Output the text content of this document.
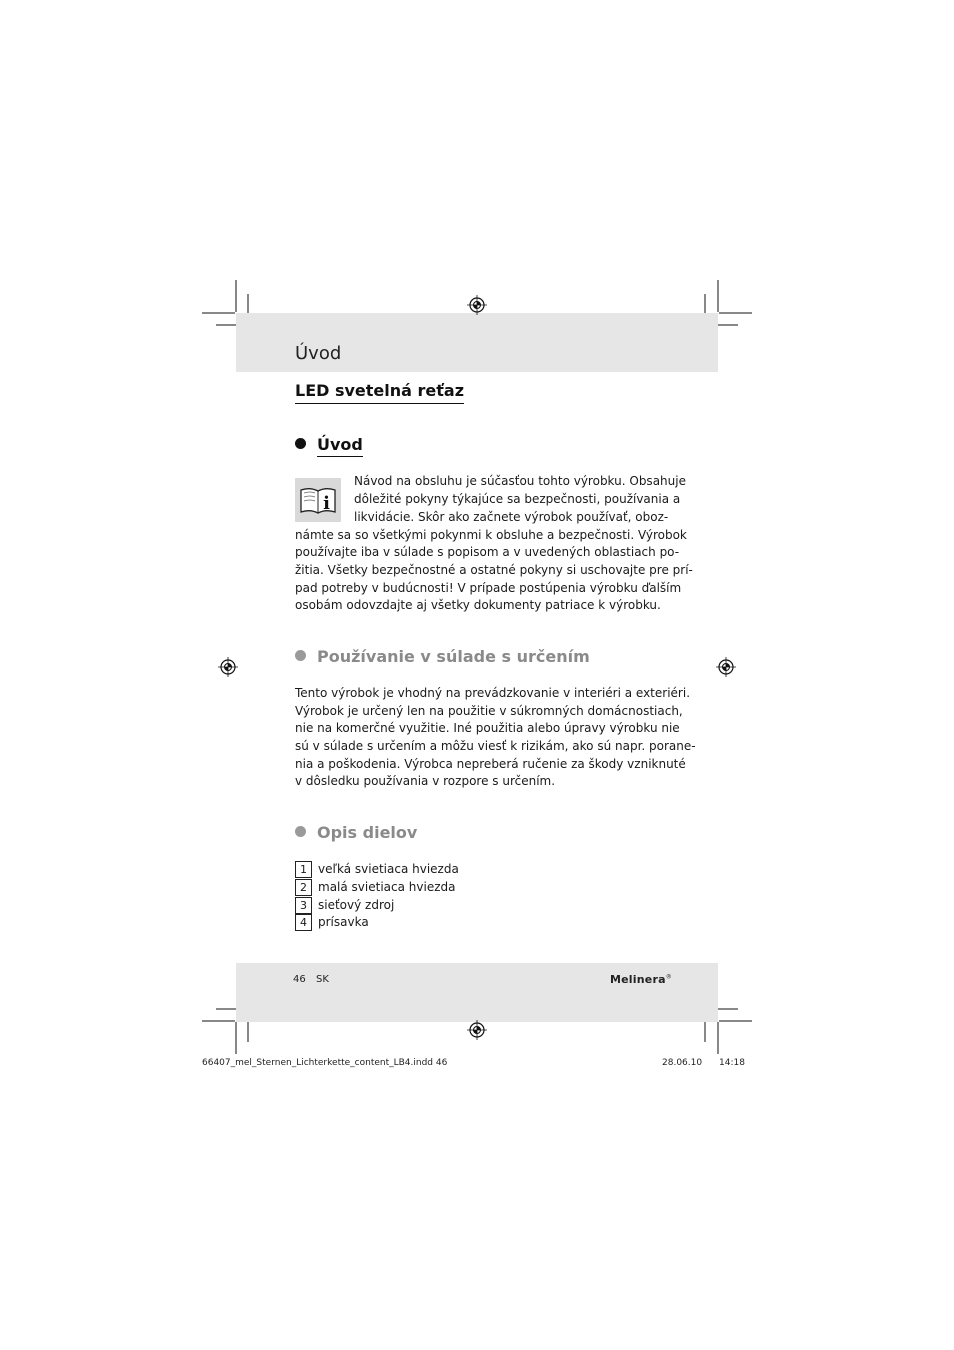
Úvod
LED svetelná reťaz
Úvod
i
Návod na obsluhu je súčasťou tohto výrobku. Obsahuje
dôležité pokyny týkajúce sa bezpečnosti, používania a
likvidácie. Skôr ako začnete výrobok používať, oboz-
námte sa so všetkými pokynmi k obsluhe a bezpečnosti. Výrobok
používajte iba v súlade s popisom a v uvedených oblastiach po-
žitia. Všetky bezpečnostné a ostatné pokyny si uschovajte pre prí-
pad potreby v budúcnosti! V prípade postúpenia výrobku ďalším
osobám odovzdajte aj všetky dokumenty patriace k výrobku.
Používanie v súlade s určením
Tento výrobok je vhodný na prevádzkovanie v interiéri a exteriéri.
Výrobok je určený len na použitie v súkromných domácnostiach,
nie na komerčné využitie. Iné použitia alebo úpravy výrobku nie
sú v súlade s určením a môžu viesť k rizikám, ako sú napr. porane-
nia a poškodenia. Výrobca nepreberá ručenie za škody vzniknuté
v dôsledku používania v rozpore s určením.
Opis dielov
1 veľká svietiaca hviezda
2 malá svietiaca hviezda
3 sieťový zdroj
4 prísavka
46 SK	Melinera®
66407_mel_Sternen_Lichterkette_content_LB4.indd 46	28.06.10 14:18
